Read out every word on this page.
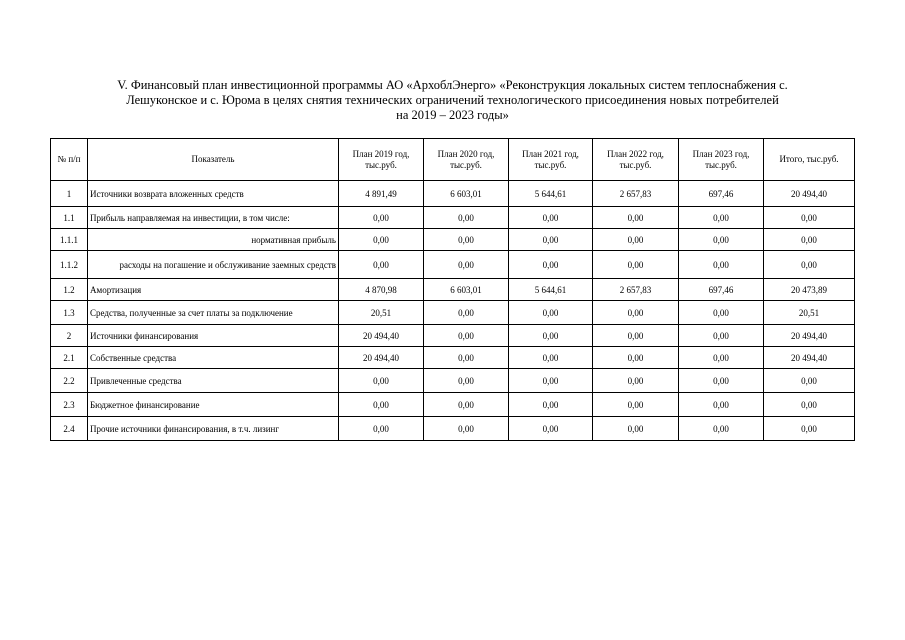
V. Финансовый план инвестиционной программы АО «АрхоблЭнерго» «Реконструкция локальных систем теплоснабжения с.
Лешуконское и с. Юрома в целях снятия технических ограничений технологического присоединения новых потребителей
на 2019 – 2023 годы»
№ п/п	Показатель	План 2019 год, тыс.руб.	План 2020 год, тыс.руб.	План 2021 год, тыс.руб.	План 2022 год, тыс.руб.	План 2023 год, тыс.руб.	Итого, тыс.руб.
1	Источники возврата вложенных средств	4 891,49	6 603,01	5 644,61	2 657,83	697,46	20 494,40
1.1	Прибыль направляемая на инвестиции, в том числе:	0,00	0,00	0,00	0,00	0,00	0,00
1.1.1	нормативная прибыль	0,00	0,00	0,00	0,00	0,00	0,00
1.1.2	расходы на погашение и обслуживание заемных средств	0,00	0,00	0,00	0,00	0,00	0,00
1.2	Амортизация	4 870,98	6 603,01	5 644,61	2 657,83	697,46	20 473,89
1.3	Средства, полученные за счет платы за подключение	20,51	0,00	0,00	0,00	0,00	20,51
2	Источники финансирования	20 494,40	0,00	0,00	0,00	0,00	20 494,40
2.1	Собственные средства	20 494,40	0,00	0,00	0,00	0,00	20 494,40
2.2	Привлеченные средства	0,00	0,00	0,00	0,00	0,00	0,00
2.3	Бюджетное финансирование	0,00	0,00	0,00	0,00	0,00	0,00
2.4	Прочие источники финансирования, в т.ч. лизинг	0,00	0,00	0,00	0,00	0,00	0,00
